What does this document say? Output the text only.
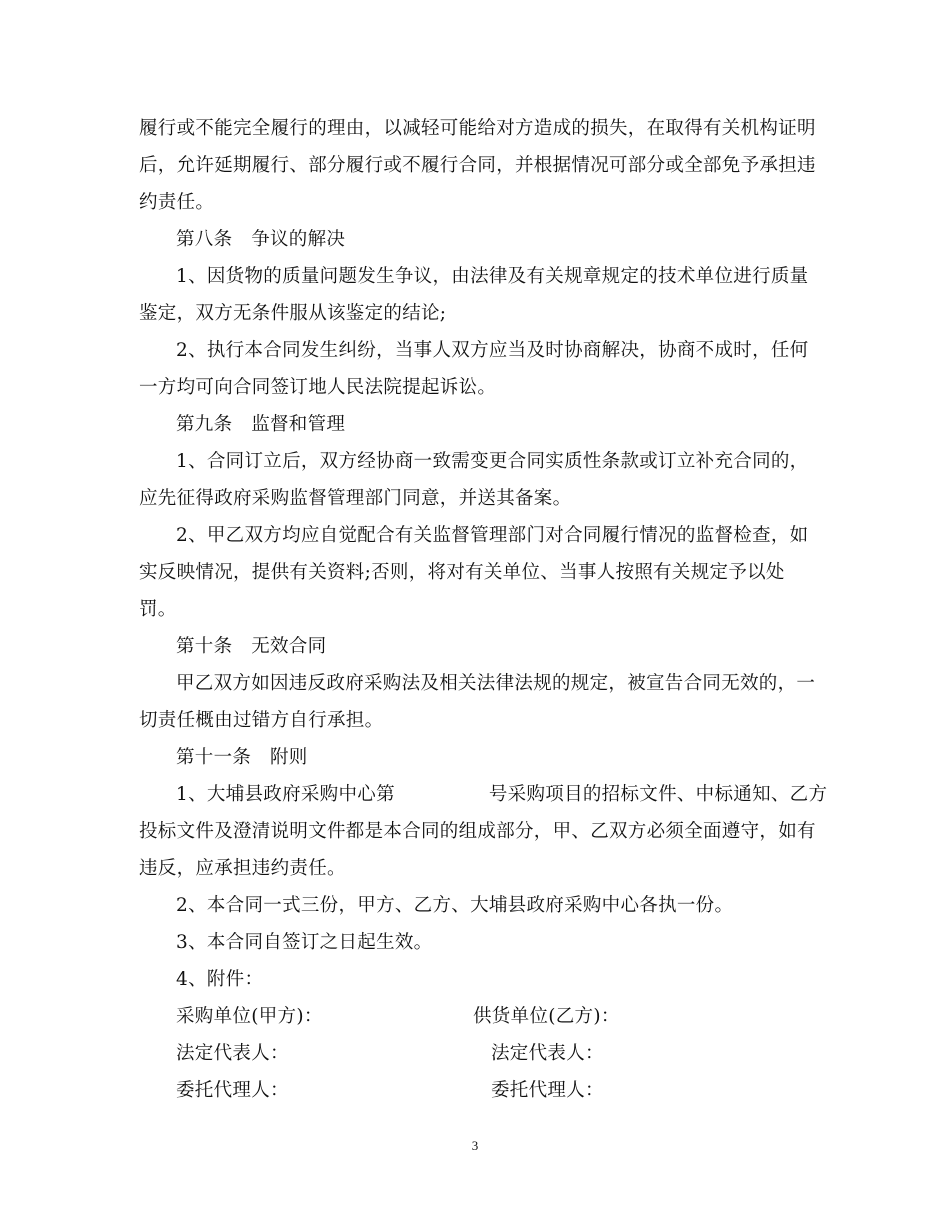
履行或不能完全履行的理由，以减轻可能给对方造成的损失，在取得有关机构证明
后，允许延期履行、部分履行或不履行合同，并根据情况可部分或全部免予承担违
约责任。
第八条　争议的解决
1、因货物的质量问题发生争议，由法律及有关规章规定的技术单位进行质量
鉴定，双方无条件服从该鉴定的结论;
2、执行本合同发生纠纷，当事人双方应当及时协商解决，协商不成时，任何
一方均可向合同签订地人民法院提起诉讼。
第九条　监督和管理
1、合同订立后，双方经协商一致需变更合同实质性条款或订立补充合同的，
应先征得政府采购监督管理部门同意，并送其备案。
2、甲乙双方均应自觉配合有关监督管理部门对合同履行情况的监督检查，如
实反映情况，提供有关资料;否则，将对有关单位、当事人按照有关规定予以处
罚。
第十条　无效合同
甲乙双方如因违反政府采购法及相关法律法规的规定，被宣告合同无效的，一
切责任概由过错方自行承担。
第十一条　附则
1、大埔县政府采购中心第　　　　　号采购项目的招标文件、中标通知、乙方
投标文件及澄清说明文件都是本合同的组成部分，甲、乙双方必须全面遵守，如有
违反，应承担违约责任。
2、本合同一式三份，甲方、乙方、大埔县政府采购中心各执一份。
3、本合同自签订之日起生效。
4、附件：
采购单位(甲方)：	供货单位(乙方)：
法定代表人：	法定代表人：
委托代理人：	委托代理人：
3
